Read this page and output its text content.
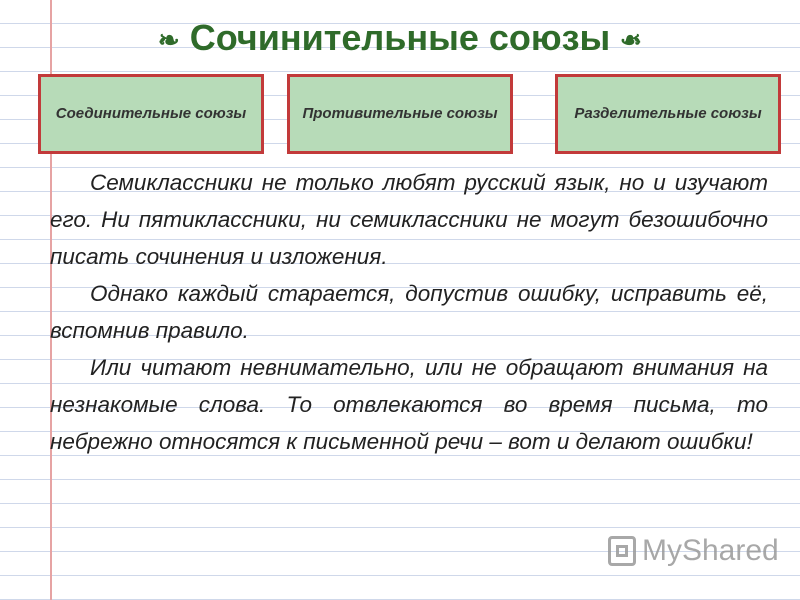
❧ Сочинительные союзы ❧
Соединительные союзы	Противительные союзы	Разделительные союзы

Семиклассники не только любят русский язык, но и изучают его. Ни пятиклассники, ни семиклассники не могут безошибочно писать сочинения и изложения.

Однако каждый старается, допустив ошибку, исправить её, вспомнив правило.

Или читают невнимательно, или не обращают внимания на незнакомые слова. То отвлекаются во время письма, то небрежно относятся к письменной речи – вот и делают ошибки!

MyShared
